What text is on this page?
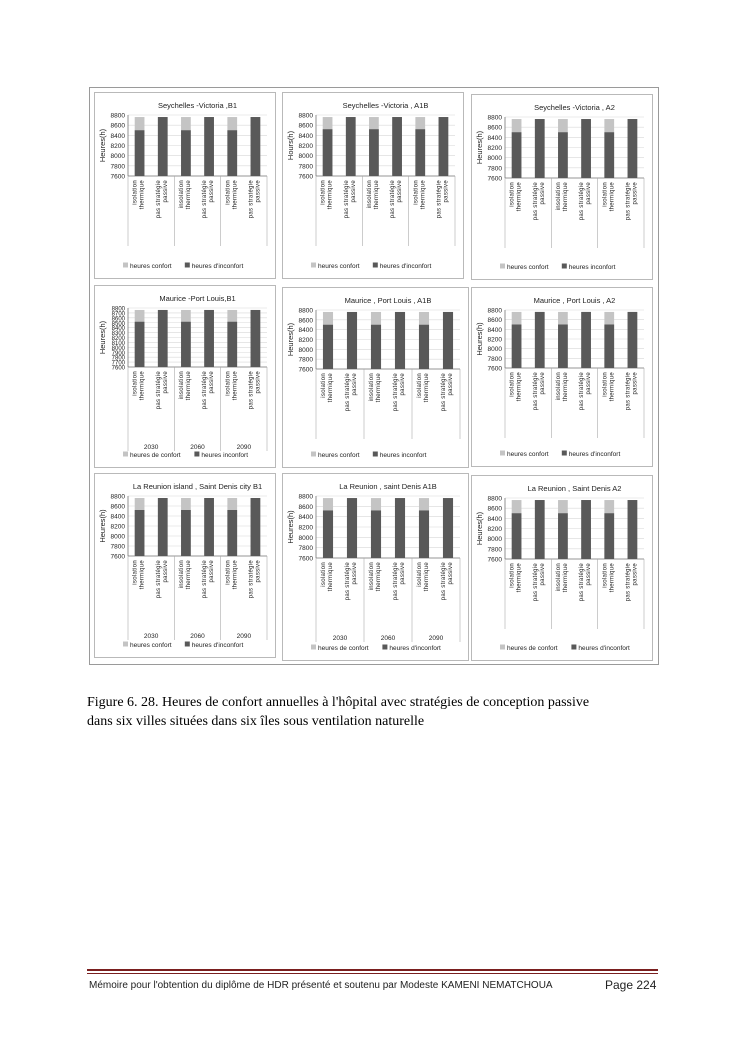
Seychelles -Victoria ,B1
Heures(h)
8800
8600
8400
8200
8000
7800
7600
isolationthermique pas stratégiepassive insolationthermique pas stratégiepassive isolationthermique pas stratégiepassive
heures confort	heures d'inconfort
Seychelles -Victoria , A1B
Hours(h)
8800
8600
8400
8200
8000
7800
7600
isolationthermique pas stratégiepassive insolationthermique pas stratégiepassive isolationthermique pas stratégiepassive
heures confort	heures d'inconfort
Seychelles -Victoria , A2
Heures(h)
8800
8600
8400
8200
8000
7800
7600
isolationthermique pas stratégiepassive insolationthermique pas stratégiepassive isolationthermique pas stratégiepassive
heures confort	heures inconfort
Maurice -Port Louis,B1
Heures(h)
8800
8700
8600
8500
8400
8300
8200
8100
8000
7900
7800
7700
7600
isolationthermique pas stratégiepassive insolationthermique pas stratégiepassive isolationthermique pas stratégiepassive
2030	2060	2090
heures de confort	heures inconfort
Maurice , Port Louis , A1B
Heures(h)
8800
8600
8400
8200
8000
7800
7600
isolationthermique pas stratégiepassive insolationthermique pas stratégiepassive isolationthermique pas stratégiepassive
heures confort	heures inconfort
Maurice , Port Louis , A2
Heures(h)
8800
8600
8400
8200
8000
7800
7600
isolationthermique pas stratégiepassive insolationthermique pas stratégiepassive isolationthermique pas stratégiepassive
heures confort	heures d'inconfort
La Reunion island , Saint Denis city B1
Heures(h)
8800
8600
8400
8200
8000
7800
7600
isolationthermique pas stratégiepassive insolationthermique pas stratégiepassive isolationthermique pas stratégiepassive
2030	2060	2090
heures confort	heures d'inconfort
La Reunion , saint Denis A1B
Heures(h)
8800
8600
8400
8200
8000
7800
7600
isolationthermique pas stratégiepassive insolationthermique pas stratégiepassive isolationthermique pas stratégiepassive
2030	2060	2090
heures de confort	heures d'inconfort
La Reunion , Saint Denis A2
Heures(h)
8800
8600
8400
8200
8000
7800
7600
isolationthermique pas stratégiepassive insolationthermique pas stratégiepassive isolationthermique pas stratégiepassive
heures de confort	heures d'inconfort
Figure 6. 28. Heures de confort annuelles à l'hôpital avec stratégies de conception passive
dans six villes situées dans six îles sous ventilation naturelle
Mémoire pour l'obtention du diplôme de HDR présenté et soutenu par Modeste KAMENI NEMATCHOUA	Page 224
